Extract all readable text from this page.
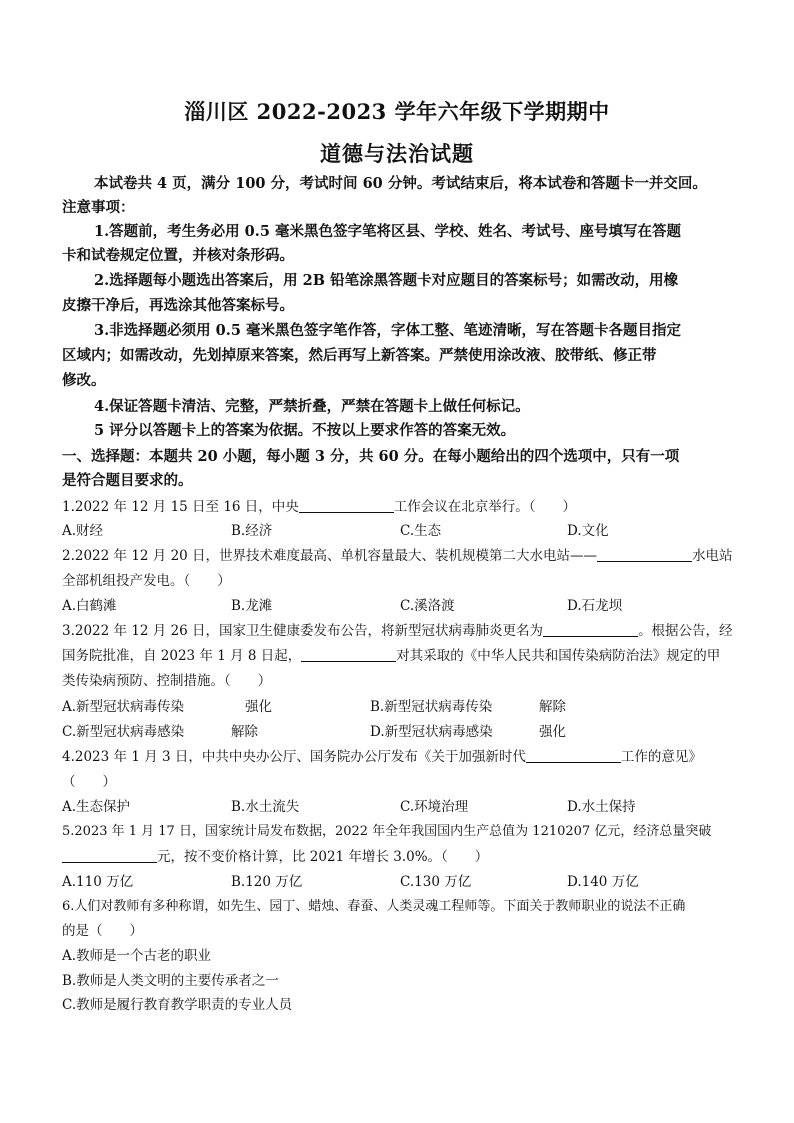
淄川区 2022-2023 学年六年级下学期期中
道德与法治试题
本试卷共 4 页，满分 100 分，考试时间 60 分钟。考试结束后，将本试卷和答题卡一并交回。
注意事项：
1.答题前，考生务必用 0.5 毫米黑色签字笔将区县、学校、姓名、考试号、座号填写在答题
卡和试卷规定位置，并核对条形码。
2.选择题每小题选出答案后，用 2B 铅笔涂黑答题卡对应题目的答案标号；如需改动，用橡
皮擦干净后，再选涂其他答案标号。
3.非选择题必须用 0.5 毫米黑色签字笔作答，字体工整、笔迹清晰，写在答题卡各题目指定
区域内；如需改动，先划掉原来答案，然后再写上新答案。严禁使用涂改液、胶带纸、修正带
修改。
4.保证答题卡清洁、完整，严禁折叠，严禁在答题卡上做任何标记。
5 评分以答题卡上的答案为依据。不按以上要求作答的答案无效。
一、选择题：本题共 20 小题，每小题 3 分，共 60 分。在每小题给出的四个选项中，只有一项
是符合题目要求的。
1.2022 年 12 月 15 日至 16 日，中央	工作会议在北京举行。（　　）
A.财经	B.经济	C.生态	D.文化
2.2022 年 12 月 20 日，世界技术难度最高、单机容量最大、装机规模第二大水电站——	水电站
全部机组投产发电。（　　）
A.白鹤滩	B.龙滩	C.溪洛渡	D.石龙坝
3.2022 年 12 月 26 日，国家卫生健康委发布公告，将新型冠状病毒肺炎更名为	。根据公告，经
国务院批准，自 2023 年 1 月 8 日起，	对其采取的《中华人民共和国传染病防治法》规定的甲
类传染病预防、控制措施。（　　）
A.新型冠状病毒传染	强化	B.新型冠状病毒传染	解除
C.新型冠状病毒感染	解除	D.新型冠状病毒感染	强化
4.2023 年 1 月 3 日，中共中央办公厅、国务院办公厅发布《关于加强新时代	工作的意见》
（　　）
A.生态保护	B.水土流失	C.环境治理	D.水土保持
5.2023 年 1 月 17 日，国家统计局发布数据，2022 年全年我国国内生产总值为 1210207 亿元，经济总量突破
元，按不变价格计算，比 2021 年增长 3.0%。（　　）
A.110 万亿	B.120 万亿	C.130 万亿	D.140 万亿
6.人们对教师有多种称谓，如先生、园丁、蜡烛、春蚕、人类灵魂工程师等。下面关于教师职业的说法不正确
的是（　　）
A.教师是一个古老的职业
B.教师是人类文明的主要传承者之一
C.教师是履行教育教学职责的专业人员
